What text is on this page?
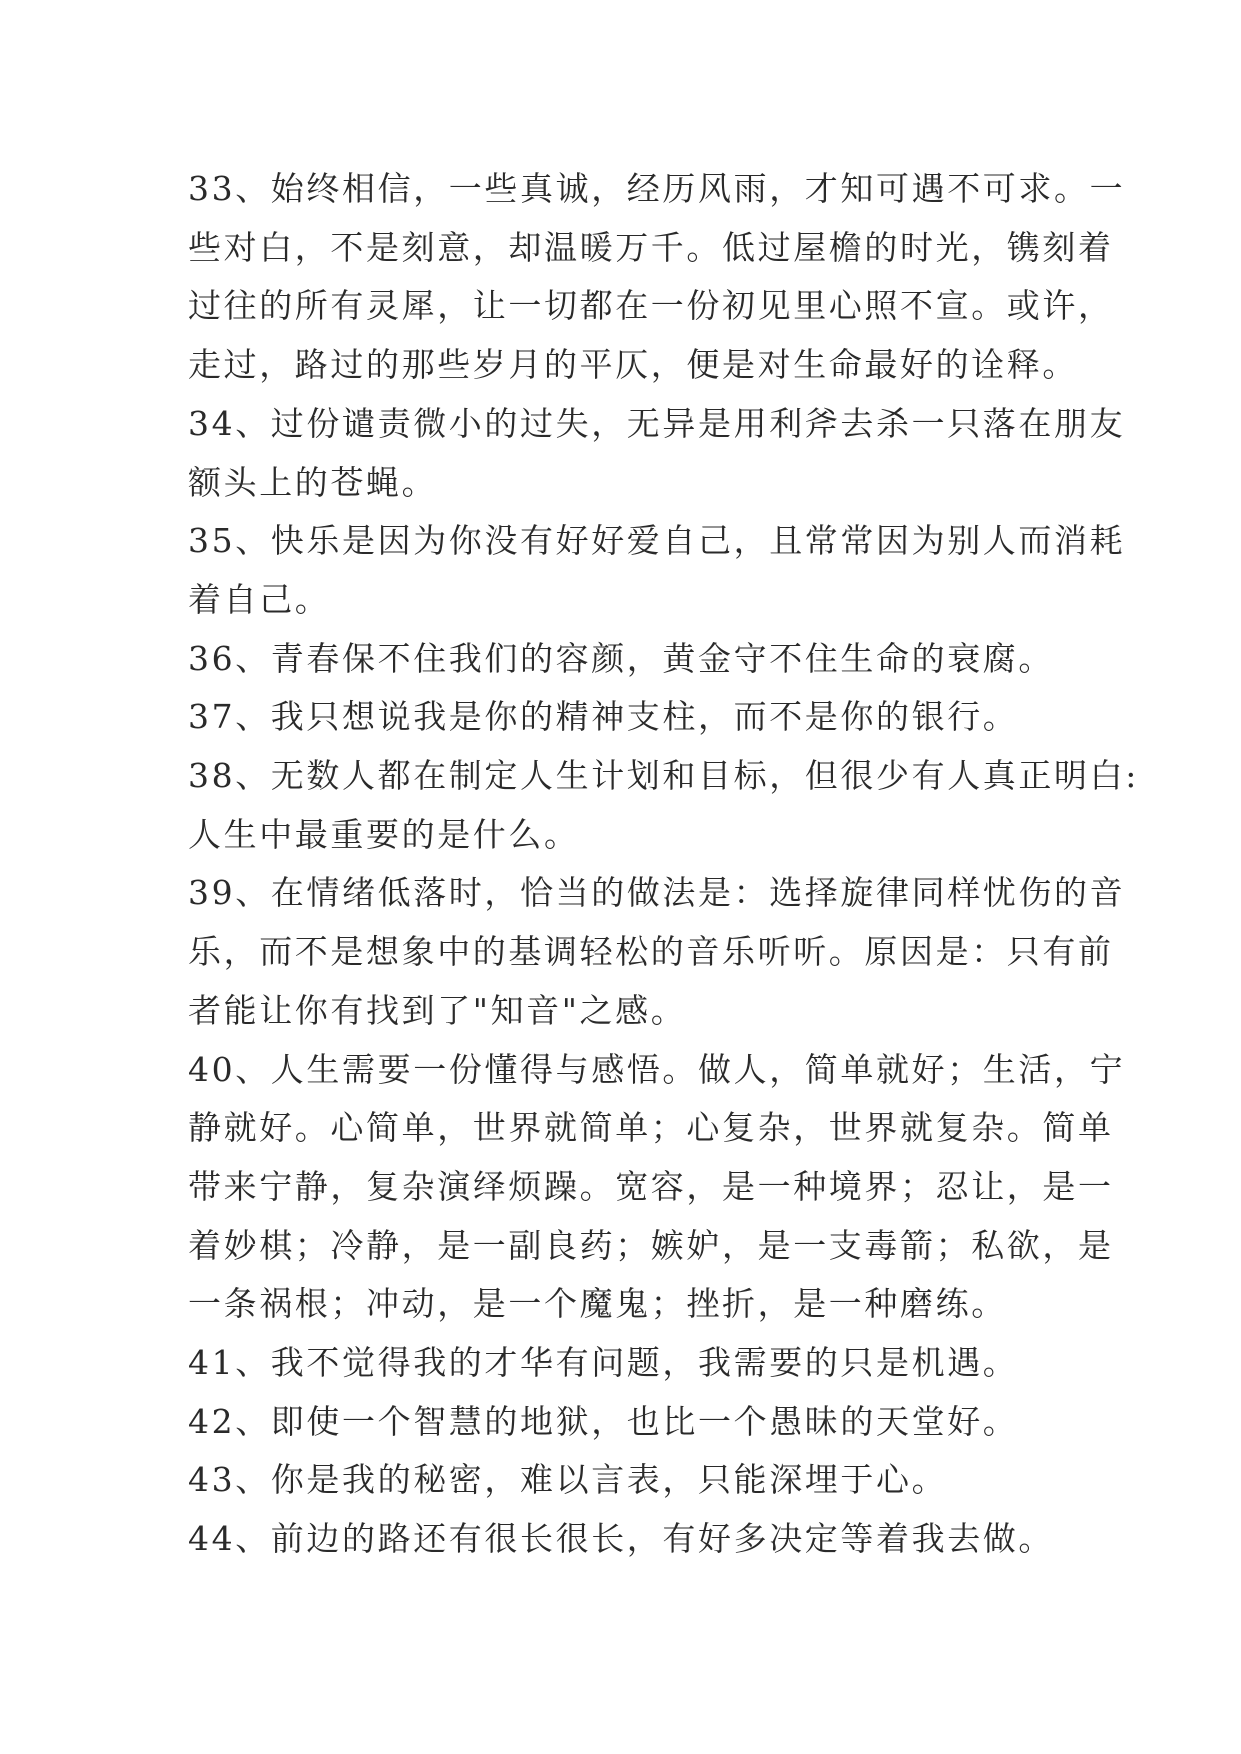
33、始终相信，一些真诚，经历风雨，才知可遇不可求。一
些对白，不是刻意，却温暖万千。低过屋檐的时光，镌刻着
过往的所有灵犀，让一切都在一份初见里心照不宣。或许，
走过，路过的那些岁月的平仄，便是对生命最好的诠释。

34、过份谴责微小的过失，无异是用利斧去杀一只落在朋友
额头上的苍蝇。

35、快乐是因为你没有好好爱自己，且常常因为别人而消耗
着自己。

36、青春保不住我们的容颜，黄金守不住生命的衰腐。

37、我只想说我是你的精神支柱，而不是你的银行。

38、无数人都在制定人生计划和目标，但很少有人真正明白:
人生中最重要的是什么。

39、在情绪低落时，恰当的做法是：选择旋律同样忧伤的音
乐，而不是想象中的基调轻松的音乐听听。原因是：只有前
者能让你有找到了"知音"之感。

40、人生需要一份懂得与感悟。做人，简单就好；生活，宁
静就好。心简单，世界就简单；心复杂，世界就复杂。简单
带来宁静，复杂演绎烦躁。宽容，是一种境界；忍让，是一
着妙棋；冷静，是一副良药；嫉妒，是一支毒箭；私欲，是
一条祸根；冲动，是一个魔鬼；挫折，是一种磨练。

41、我不觉得我的才华有问题，我需要的只是机遇。

42、即使一个智慧的地狱，也比一个愚昧的天堂好。

43、你是我的秘密，难以言表，只能深埋于心。

44、前边的路还有很长很长，有好多决定等着我去做。
